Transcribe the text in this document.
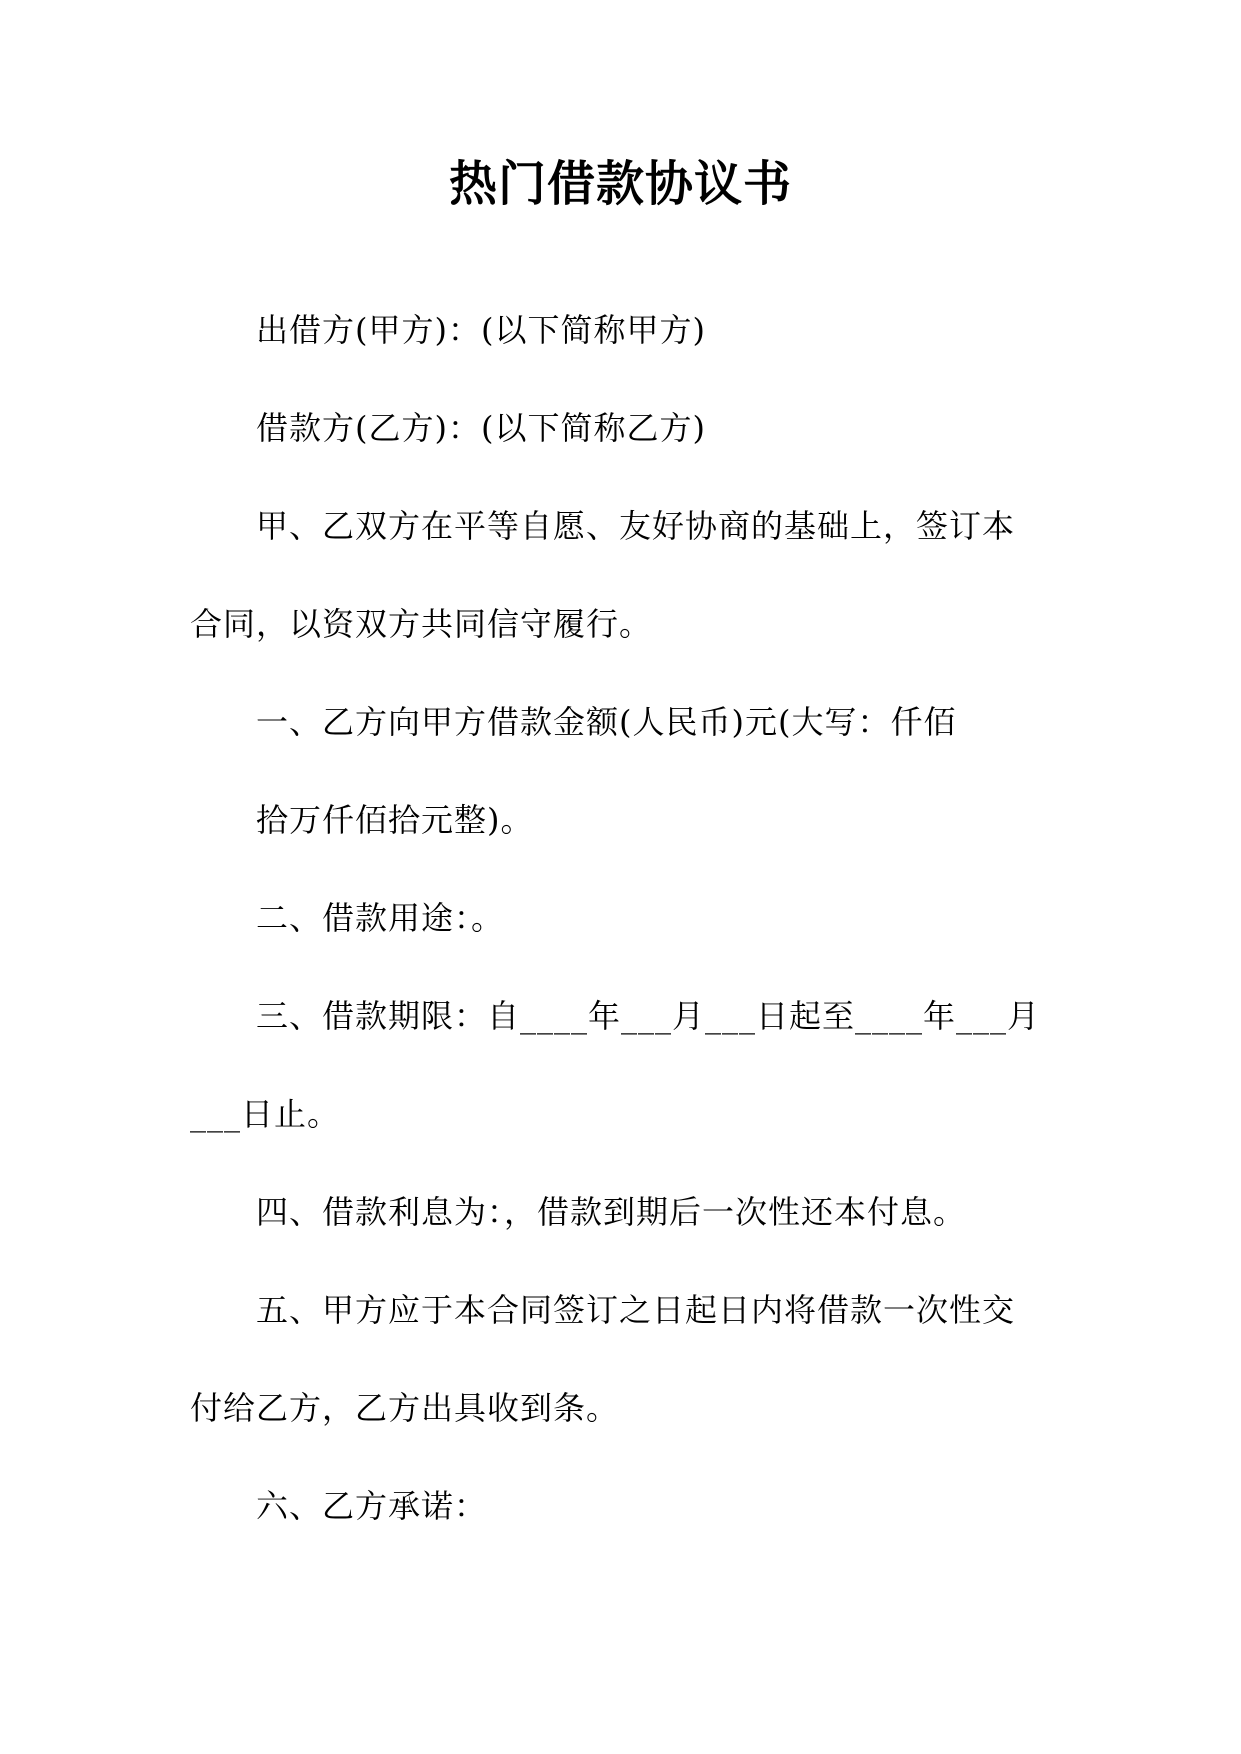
热门借款协议书
出借方(甲方)：(以下简称甲方)
借款方(乙方)：(以下简称乙方)
甲、乙双方在平等自愿、友好协商的基础上，签订本
合同，以资双方共同信守履行。
一、乙方向甲方借款金额(人民币)元(大写：仟佰
拾万仟佰拾元整)。
二、借款用途：。
三、借款期限：自____年___月___日起至____年___月
___日止。
四、借款利息为：，借款到期后一次性还本付息。
五、甲方应于本合同签订之日起日内将借款一次性交
付给乙方，乙方出具收到条。
六、乙方承诺：
